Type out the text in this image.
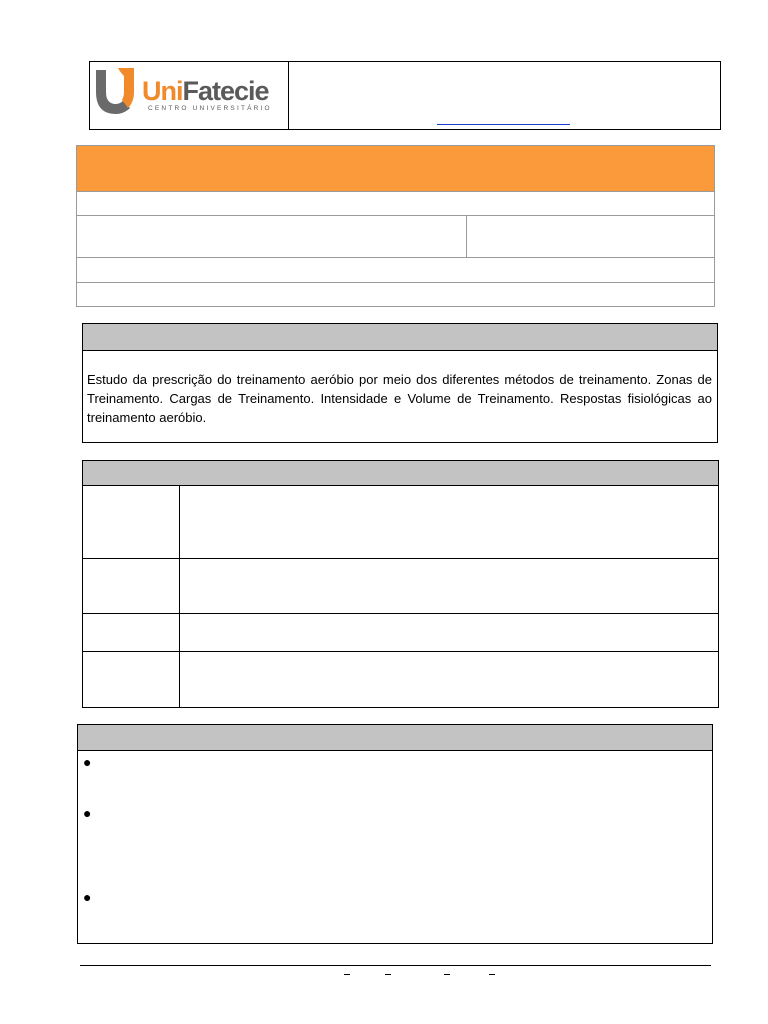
UniFatecie
CENTRO UNIVERSITÁRIO

Estudo da prescrição do treinamento aeróbio por meio dos diferentes métodos de treinamento. Zonas de Treinamento. Cargas de Treinamento. Intensidade e Volume de Treinamento. Respostas fisiológicas ao treinamento aeróbio.

●
●
●
